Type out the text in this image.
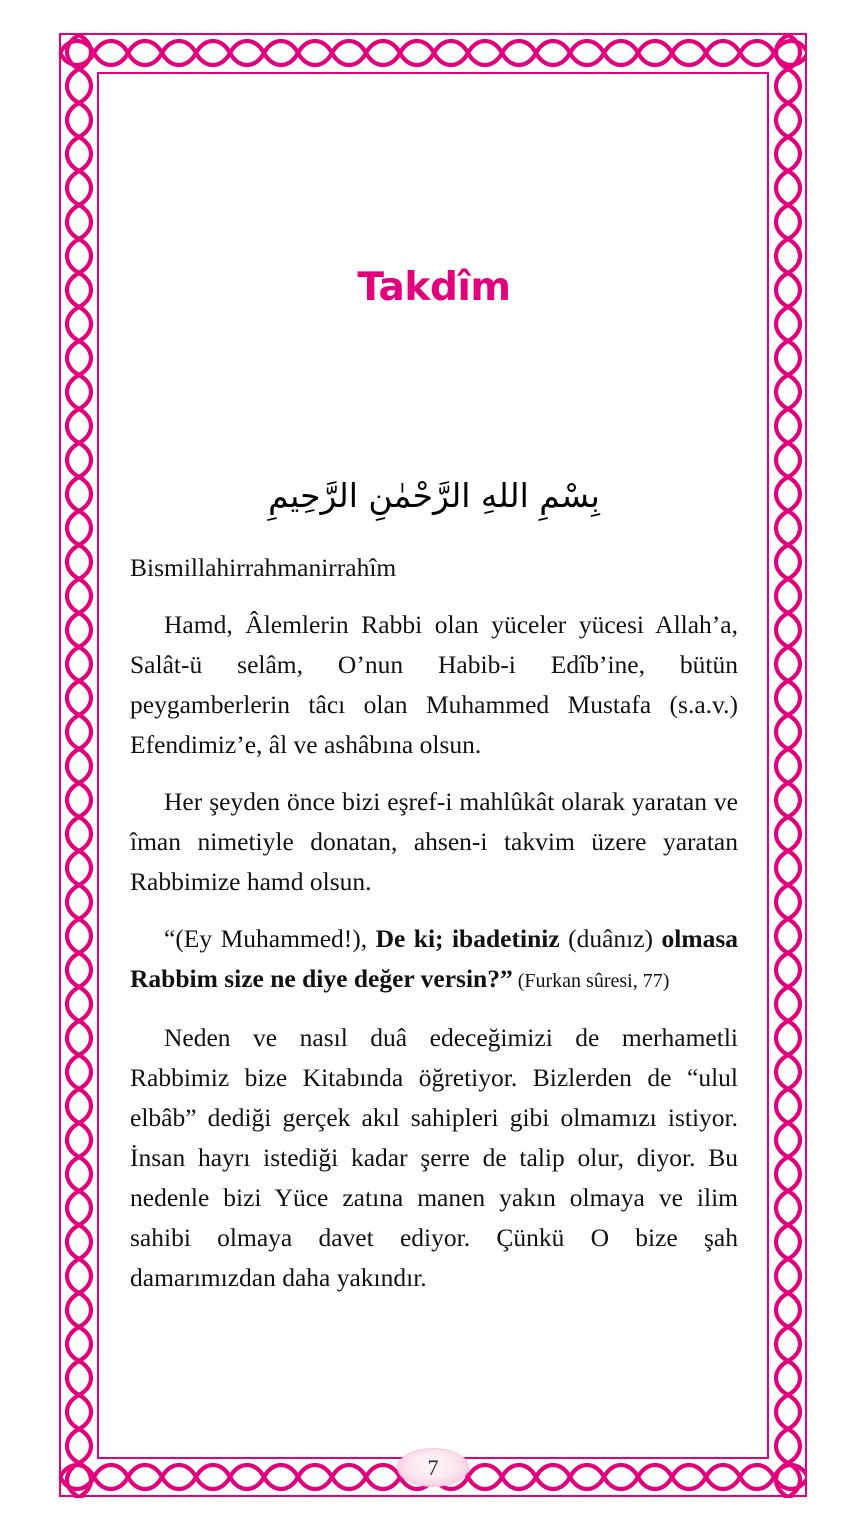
Takdîm
بِسْمِ اللهِ الرَّحْمٰنِ الرَّحِيمِ

Bismillahirrahmanirrahîm

Hamd, Âlemlerin Rabbi olan yüceler yücesi Allah’a, Salât-ü selâm, O’nun Habib-i Edîb’ine, bütün peygamberlerin tâcı olan Muhammed Mustafa (s.a.v.) Efendimiz’e, âl ve ashâbına olsun.

Her şeyden önce bizi eşref-i mahlûkât olarak yaratan ve îman nimetiyle donatan, ahsen-i takvim üzere yaratan Rabbimize hamd olsun.

“(Ey Muhammed!), De ki; ibadetiniz (duânız) olmasa Rabbim size ne diye değer versin?” (Furkan sûresi, 77)

Neden ve nasıl duâ edeceğimizi de merhametli Rabbimiz bize Kitabında öğretiyor. Bizlerden de “ulul elbâb” dediği gerçek akıl sahipleri gibi olmamızı istiyor. İnsan hayrı istediği kadar şerre de talip olur, diyor. Bu nedenle bizi Yüce zatına manen yakın olmaya ve ilim sahibi olmaya davet ediyor. Çünkü O bize şah damarımızdan daha yakındır.

7
